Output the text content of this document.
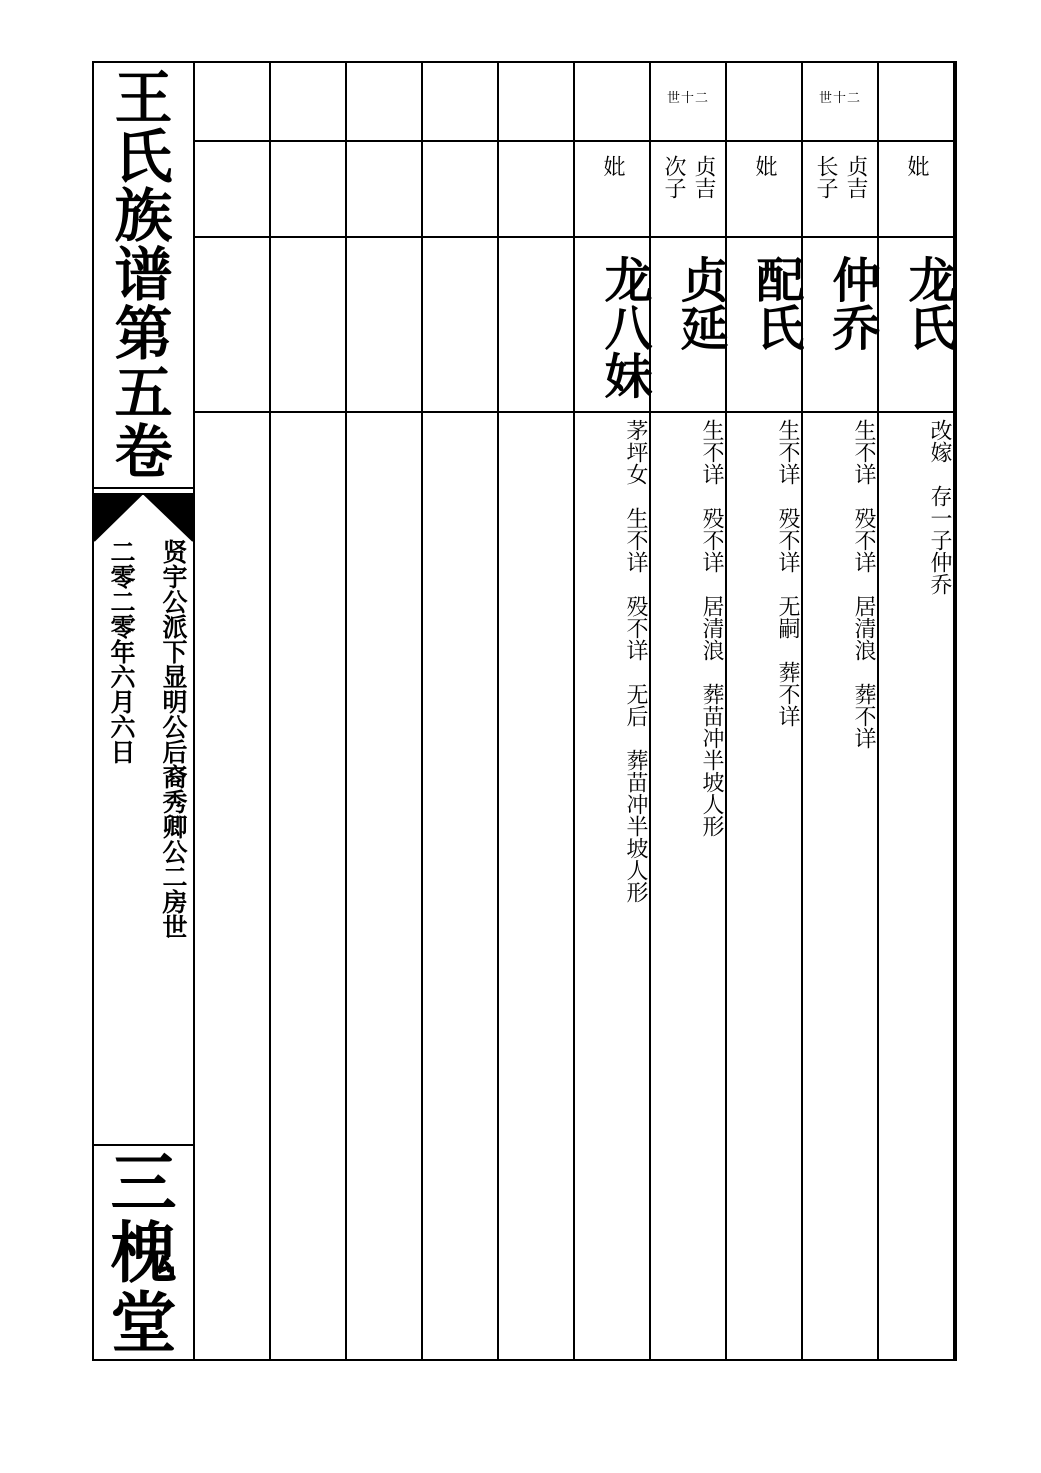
王
氏
族
谱
第
五
卷
贤宇公派下显明公后裔秀卿公二房世
二零二零年六月六日
三
槐
堂
妣
龙氏
改嫁　存一子仲乔
世十二
贞吉
长子
仲乔
生不详　殁不详　居清浪　葬不详
妣
配氏
生不详　殁不详　无嗣　葬不详
世十二
贞吉
次子
贞延
生不详　殁不详　居清浪　葬苗冲半坡人形
妣
龙八妹
茅坪女　生不详　殁不详　无后　葬苗冲半坡人形
